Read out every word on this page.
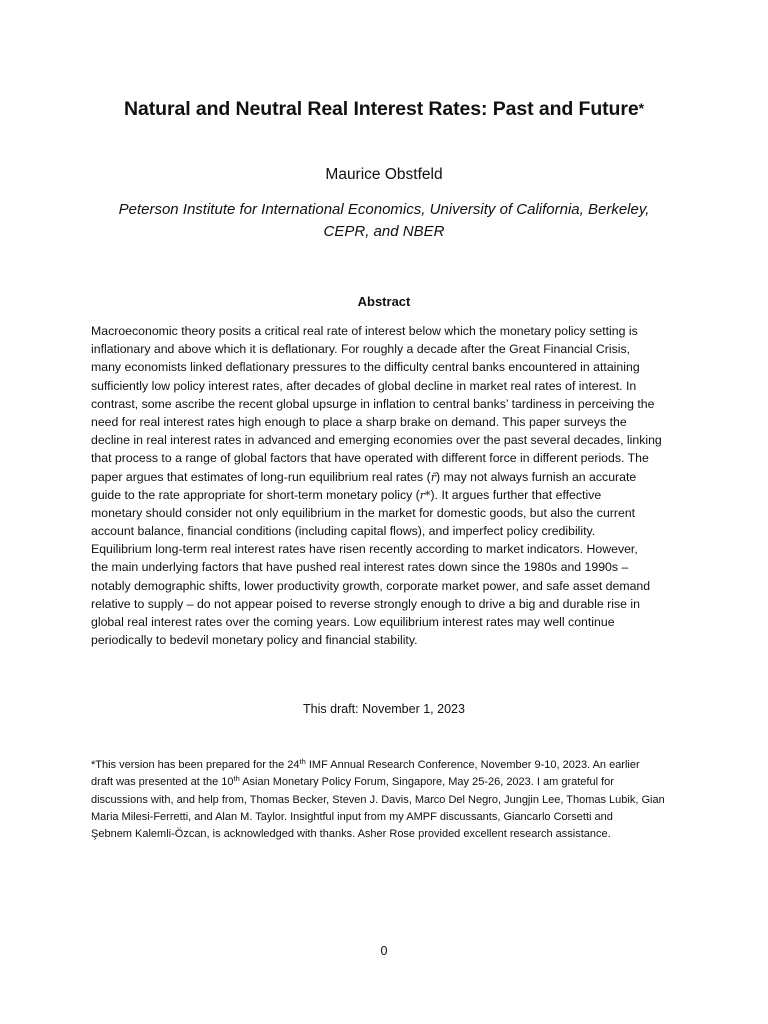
Natural and Neutral Real Interest Rates: Past and Future*
Maurice Obstfeld
Peterson Institute for International Economics, University of California, Berkeley,
CEPR, and NBER
Abstract
Macroeconomic theory posits a critical real rate of interest below which the monetary policy setting is
inflationary and above which it is deflationary. For roughly a decade after the Great Financial Crisis,
many economists linked deflationary pressures to the difficulty central banks encountered in attaining
sufficiently low policy interest rates, after decades of global decline in market real rates of interest. In
contrast, some ascribe the recent global upsurge in inflation to central banks’ tardiness in perceiving the
need for real interest rates high enough to place a sharp brake on demand. This paper surveys the
decline in real interest rates in advanced and emerging economies over the past several decades, linking
that process to a range of global factors that have operated with different force in different periods. The
paper argues that estimates of long-run equilibrium real rates (r̄) may not always furnish an accurate
guide to the rate appropriate for short-term monetary policy (r*). It argues further that effective
monetary should consider not only equilibrium in the market for domestic goods, but also the current
account balance, financial conditions (including capital flows), and imperfect policy credibility.
Equilibrium long-term real interest rates have risen recently according to market indicators. However,
the main underlying factors that have pushed real interest rates down since the 1980s and 1990s –
notably demographic shifts, lower productivity growth, corporate market power, and safe asset demand
relative to supply – do not appear poised to reverse strongly enough to drive a big and durable rise in
global real interest rates over the coming years. Low equilibrium interest rates may well continue
periodically to bedevil monetary policy and financial stability.
This draft: November 1, 2023
*This version has been prepared for the 24th IMF Annual Research Conference, November 9-10, 2023. An earlier
draft was presented at the 10th Asian Monetary Policy Forum, Singapore, May 25-26, 2023. I am grateful for
discussions with, and help from, Thomas Becker, Steven J. Davis, Marco Del Negro, Jungjin Lee, Thomas Lubik, Gian
Maria Milesi-Ferretti, and Alan M. Taylor. Insightful input from my AMPF discussants, Giancarlo Corsetti and
Şebnem Kalemli-Özcan, is acknowledged with thanks. Asher Rose provided excellent research assistance.
0
